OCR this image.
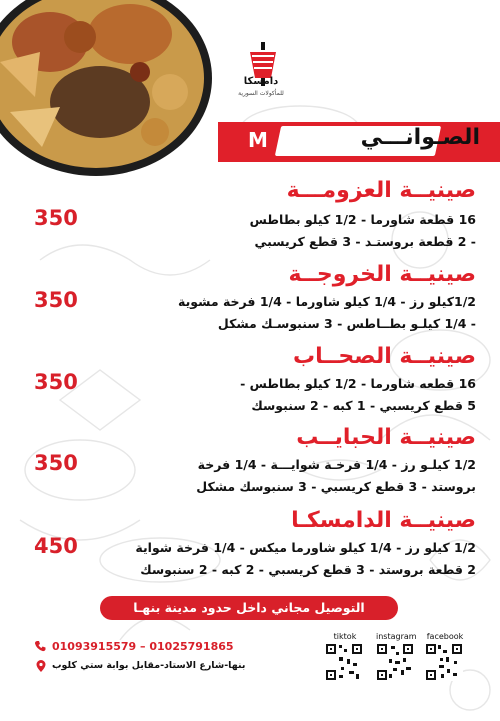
دامسكا
للمأكولات السورية
الصـوانـــي
M
صينيــة العزومـــة
16 قطعة شاورما - 1/2 كيلو بطاطس
- 2 قطعة بروستـد - 3 قطع كريسبي
350
صينيــة الخروجــة
1/2كيلو رز - 1/4 كيلو شاورما - 1/4 فرخة مشوية
- 1/4 كيلـو بطــاطس - 3 سنبوسـك مشكل
350
صينيــة الصحــاب
16 قطعه شاورما - 1/2 كيلو بطاطس -
5 قطع كريسبي - 1 كبه - 2 سنبوسك
350
صينيــة الحبايــب
1/2 كيلـو رز - 1/4 فرخـة شوايـــة - 1/4 فرخة
بروستد - 3 قطع كريسبي - 3 سنبوسك مشكل
350
صينيــة الدامسكـا
1/2 كيلو رز - 1/4 كيلو شاورما ميكس - 1/4 فرخة شواية
2 قطعة بروستد - 3 قطع كريسبي - 2 كبه - 2 سنبوسك
450
التوصيل مجاني داخل حدود مدينة بنهـا
01093915579 – 01025791865
بنها-شارع الاستاد-مقابل بوابة ستي كلوب
tiktok	instagram facebook
